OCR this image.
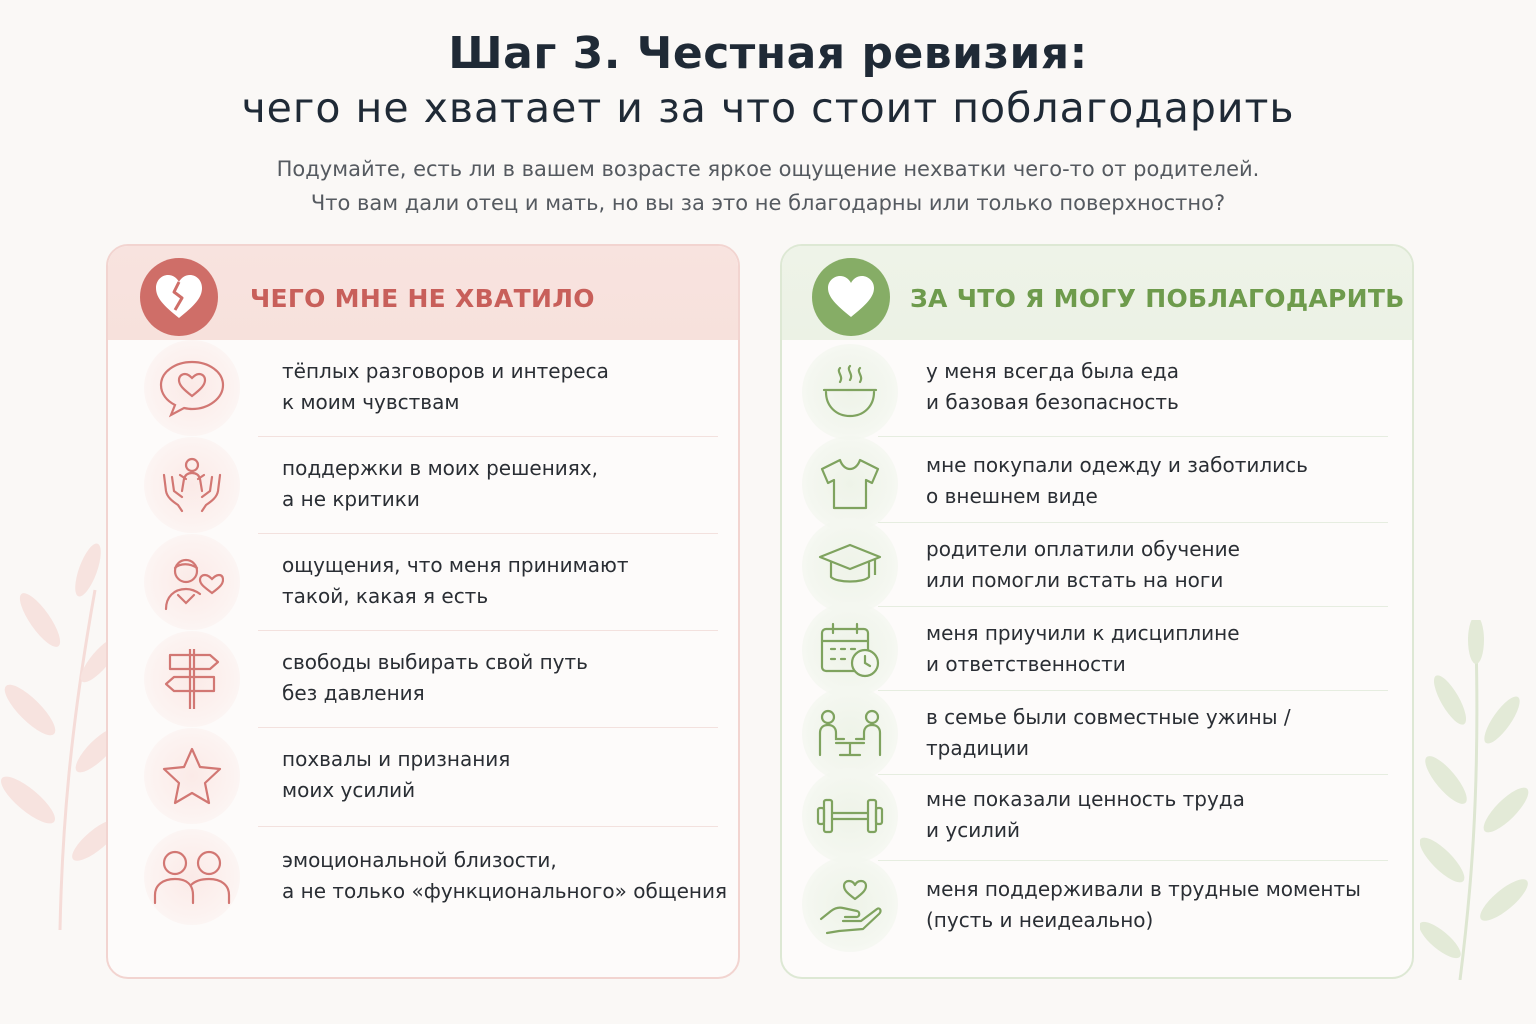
Шаг 3. Честная ревизия:
чего не хватает и за что стоит поблагодарить
Подумайте, есть ли в вашем возрасте яркое ощущение нехватки чего-то от родителей.
Что вам дали отец и мать, но вы за это не благодарны или только поверхностно?
ЧЕГО МНЕ НЕ ХВАТИЛО
тёплых разговоров и интереса
к моим чувствам
поддержки в моих решениях,
а не критики
ощущения, что меня принимают
такой, какая я есть
свободы выбирать свой путь
без давления
похвалы и признания
моих усилий
эмоциональной близости,
а не только «функционального» общения
ЗА ЧТО Я МОГУ ПОБЛАГОДАРИТЬ
у меня всегда была еда
и базовая безопасность
мне покупали одежду и заботились
о внешнем виде
родители оплатили обучение
или помогли встать на ноги
меня приучили к дисциплине
и ответственности
в семье были совместные ужины /
традиции
мне показали ценность труда
и усилий
меня поддерживали в трудные моменты
(пусть и неидеально)
